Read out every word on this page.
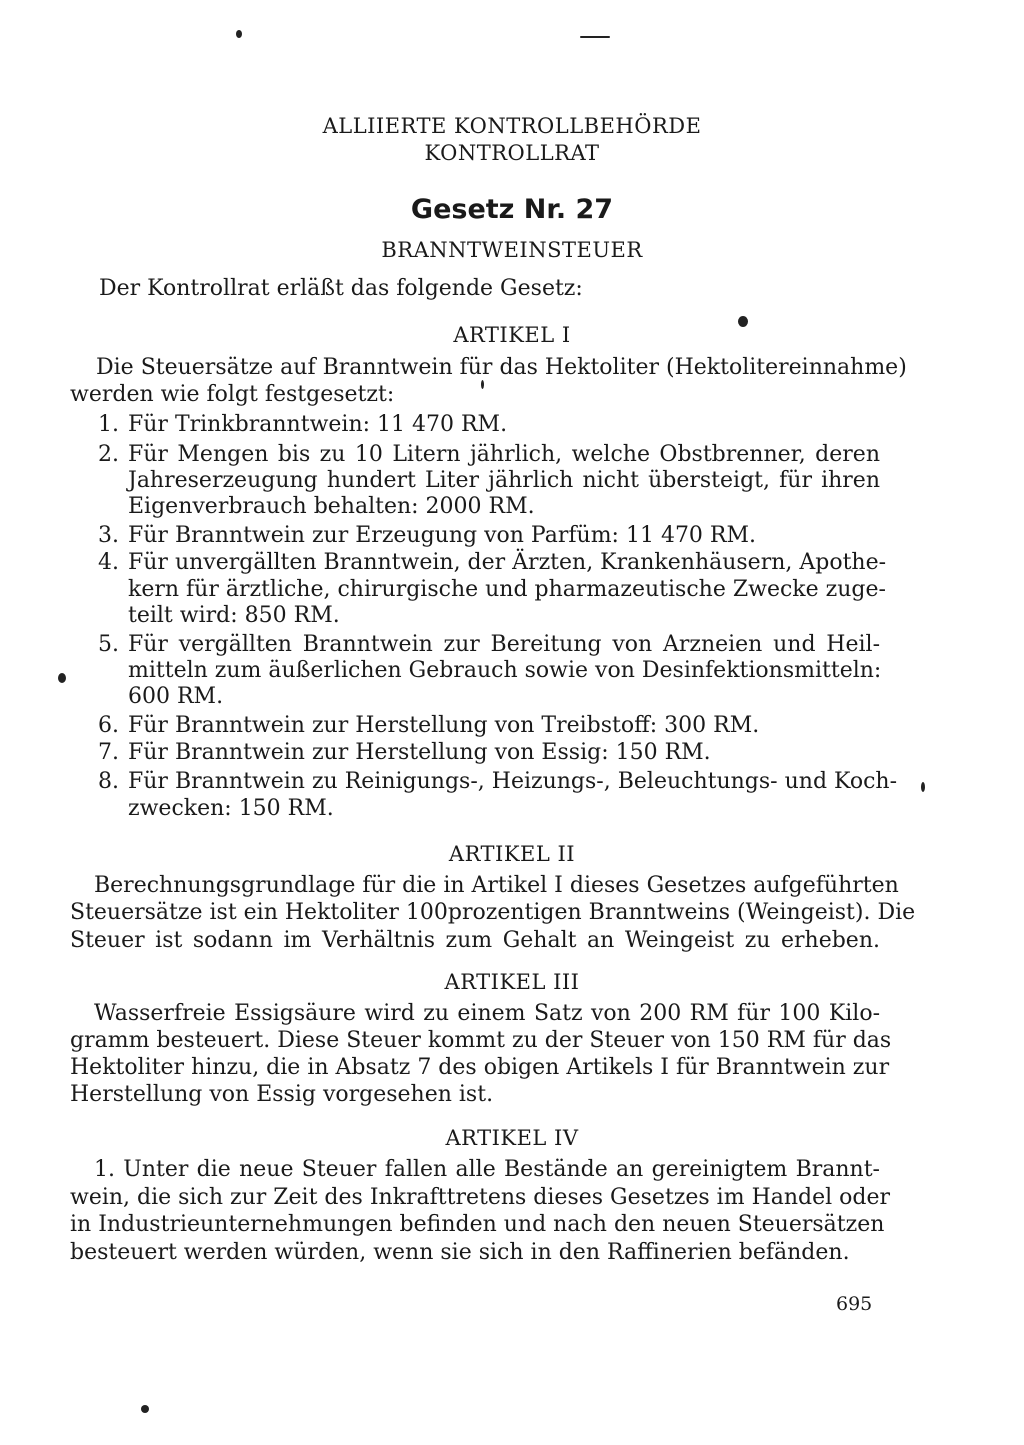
ALLIIERTE KONTROLLBEHÖRDE
KONTROLLRAT
Gesetz Nr. 27
BRANNTWEINSTEUER
Der Kontrollrat erläßt das folgende Gesetz:
ARTIKEL I
Die Steuersätze auf Branntwein für das Hektoliter (Hektolitereinnahme)
werden wie folgt festgesetzt:
1. Für Trinkbranntwein: 11 470 RM.
2. Für Mengen bis zu 10 Litern jährlich, welche Obstbrenner, deren
Jahreserzeugung hundert Liter jährlich nicht übersteigt, für ihren
Eigenverbrauch behalten: 2000 RM.
3. Für Branntwein zur Erzeugung von Parfüm: 11 470 RM.
4. Für unvergällten Branntwein, der Ärzten, Krankenhäusern, Apothe-
kern für ärztliche, chirurgische und pharmazeutische Zwecke zuge-
teilt wird: 850 RM.
5. Für vergällten Branntwein zur Bereitung von Arzneien und Heil-
mitteln zum äußerlichen Gebrauch sowie von Desinfektionsmitteln:
600 RM.
6. Für Branntwein zur Herstellung von Treibstoff: 300 RM.
7. Für Branntwein zur Herstellung von Essig: 150 RM.
8. Für Branntwein zu Reinigungs-, Heizungs-, Beleuchtungs- und Koch-
zwecken: 150 RM.
ARTIKEL II
Berechnungsgrundlage für die in Artikel I dieses Gesetzes aufgeführten
Steuersätze ist ein Hektoliter 100prozentigen Branntweins (Weingeist). Die
Steuer ist sodann im Verhältnis zum Gehalt an Weingeist zu erheben.
ARTIKEL III
Wasserfreie Essigsäure wird zu einem Satz von 200 RM für 100 Kilo-
gramm besteuert. Diese Steuer kommt zu der Steuer von 150 RM für das
Hektoliter hinzu, die in Absatz 7 des obigen Artikels I für Branntwein zur
Herstellung von Essig vorgesehen ist.
ARTIKEL IV
1. Unter die neue Steuer fallen alle Bestände an gereinigtem Brannt-
wein, die sich zur Zeit des Inkrafttretens dieses Gesetzes im Handel oder
in Industrieunternehmungen befinden und nach den neuen Steuersätzen
besteuert werden würden, wenn sie sich in den Raffinerien befänden.
695
